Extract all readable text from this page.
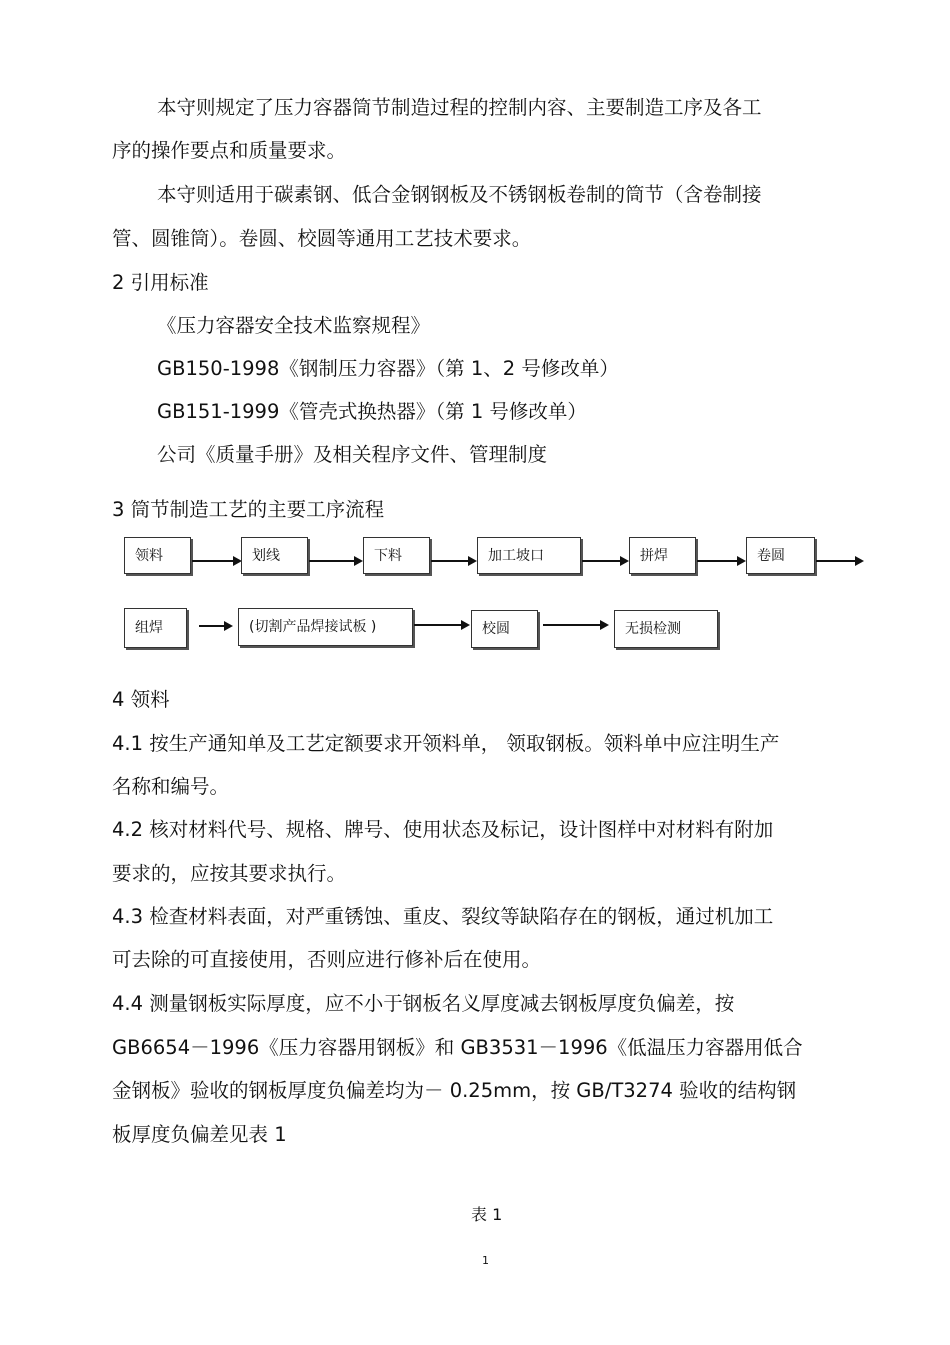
本守则规定了压力容器筒节制造过程的控制内容、主要制造工序及各工
序的操作要点和质量要求。
本守则适用于碳素钢、低合金钢钢板及不锈钢板卷制的筒节（含卷制接
管、圆锥筒）。卷圆、校圆等通用工艺技术要求。
2 引用标准
《压力容器安全技术监察规程》
GB150-1998《钢制压力容器》（第 1、2 号修改单）
GB151-1999《管壳式换热器》（第 1 号修改单）
公司《质量手册》及相关程序文件、管理制度
3 筒节制造工艺的主要工序流程
领料	划线	下料	加工坡口	拼焊	卷圆
组焊	(切割产品焊接试板 )	校圆	无损检测
4 领料
4.1 按生产通知单及工艺定额要求开领料单， 领取钢板。领料单中应注明生产
名称和编号。
4.2 核对材料代号、规格、牌号、使用状态及标记，设计图样中对材料有附加
要求的，应按其要求执行。
4.3 检查材料表面，对严重锈蚀、重皮、裂纹等缺陷存在的钢板，通过机加工
可去除的可直接使用，否则应进行修补后在使用。
4.4 测量钢板实际厚度，应不小于钢板名义厚度减去钢板厚度负偏差，按
GB6654－1996《压力容器用钢板》和 GB3531－1996《低温压力容器用低合
金钢板》验收的钢板厚度负偏差均为－ 0.25mm，按 GB/T3274 验收的结构钢
板厚度负偏差见表 1
表 1
1
